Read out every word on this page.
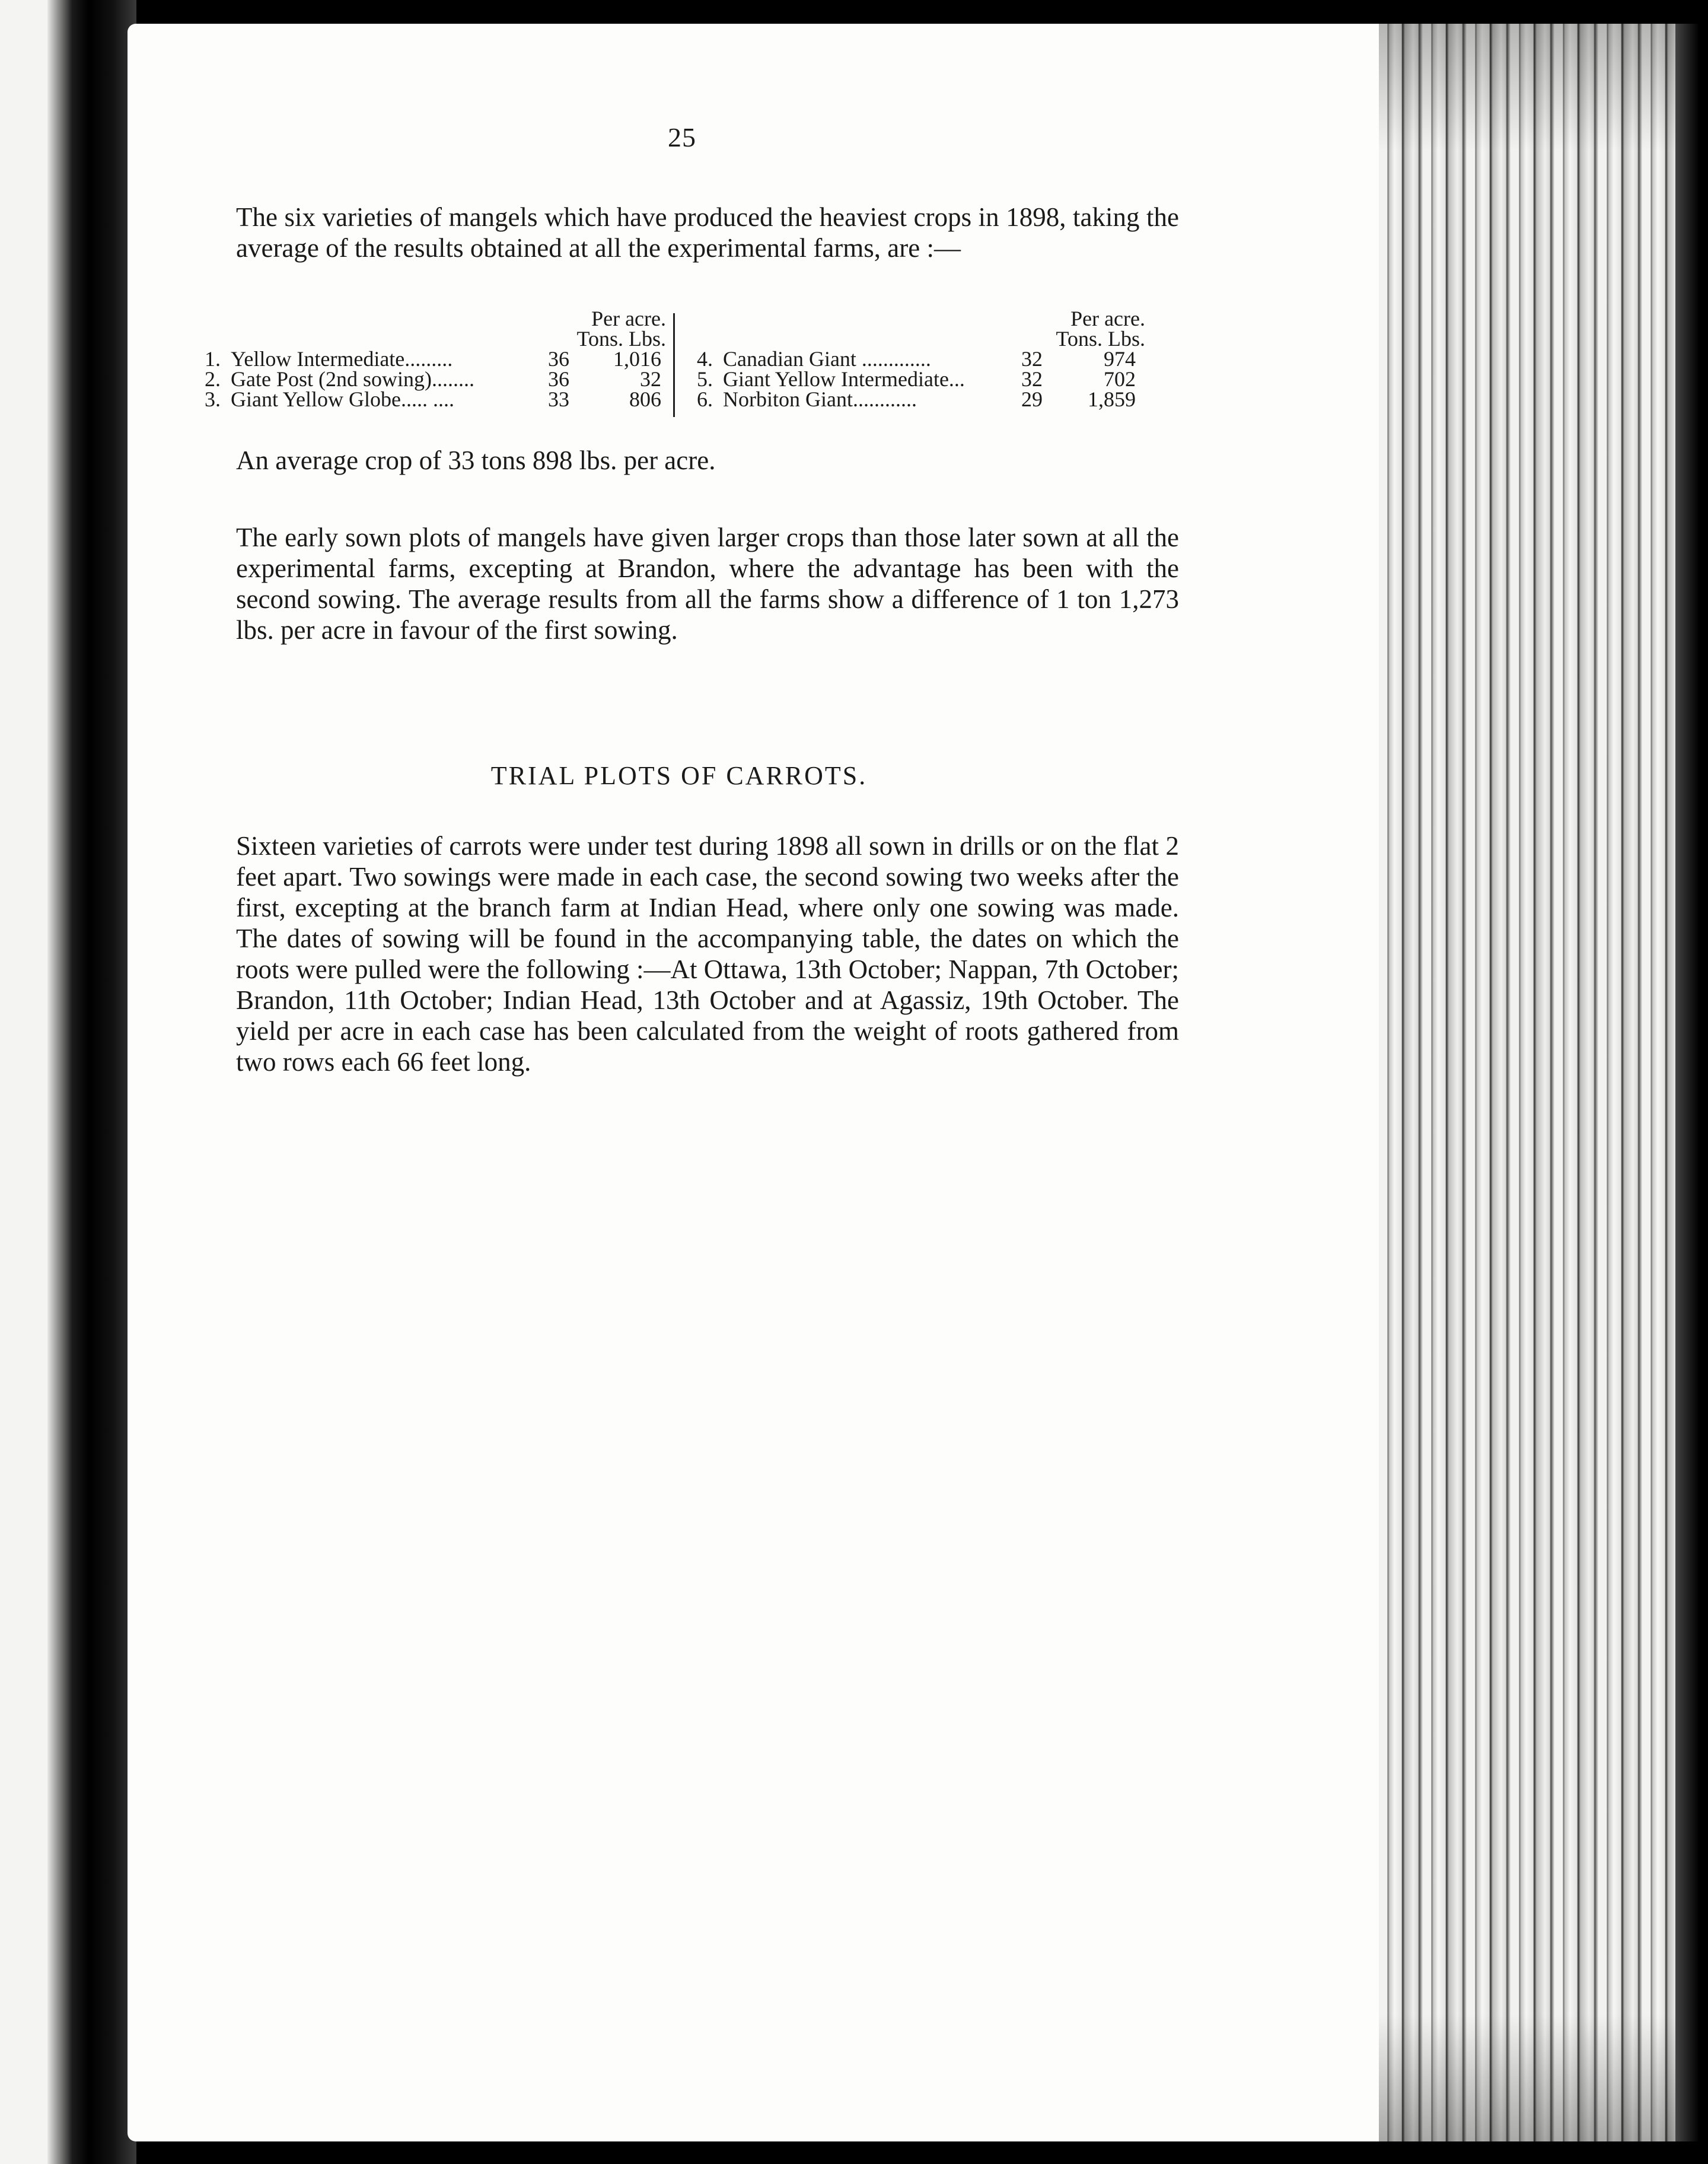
25

The six varieties of mangels which have produced the heaviest crops in 1898, taking the average of the results obtained at all the experimental farms, are :—

Per acre.
Tons. Lbs.
1. Yellow Intermediate.........	36	1,016
2. Gate Post (2nd sowing)........	36	32
3. Giant Yellow Globe..... ....	33	806
Per acre.
Tons. Lbs.
4. Canadian Giant .............	32	974
5. Giant Yellow Intermediate...	32	702
6. Norbiton Giant............	29	1,859

An average crop of 33 tons 898 lbs. per acre.

The early sown plots of mangels have given larger crops than those later sown at all the experimental farms, excepting at Brandon, where the advantage has been with the second sowing. The average results from all the farms show a difference of 1 ton 1,273 lbs. per acre in favour of the first sowing.

TRIAL PLOTS OF CARROTS.

Sixteen varieties of carrots were under test during 1898 all sown in drills or on the flat 2 feet apart. Two sowings were made in each case, the second sowing two weeks after the first, excepting at the branch farm at Indian Head, where only one sowing was made. The dates of sowing will be found in the accompanying table, the dates on which the roots were pulled were the following :—At Ottawa, 13th October; Nappan, 7th October; Brandon, 11th October; Indian Head, 13th October and at Agassiz, 19th October. The yield per acre in each case has been calculated from the weight of roots gathered from two rows each 66 feet long.
